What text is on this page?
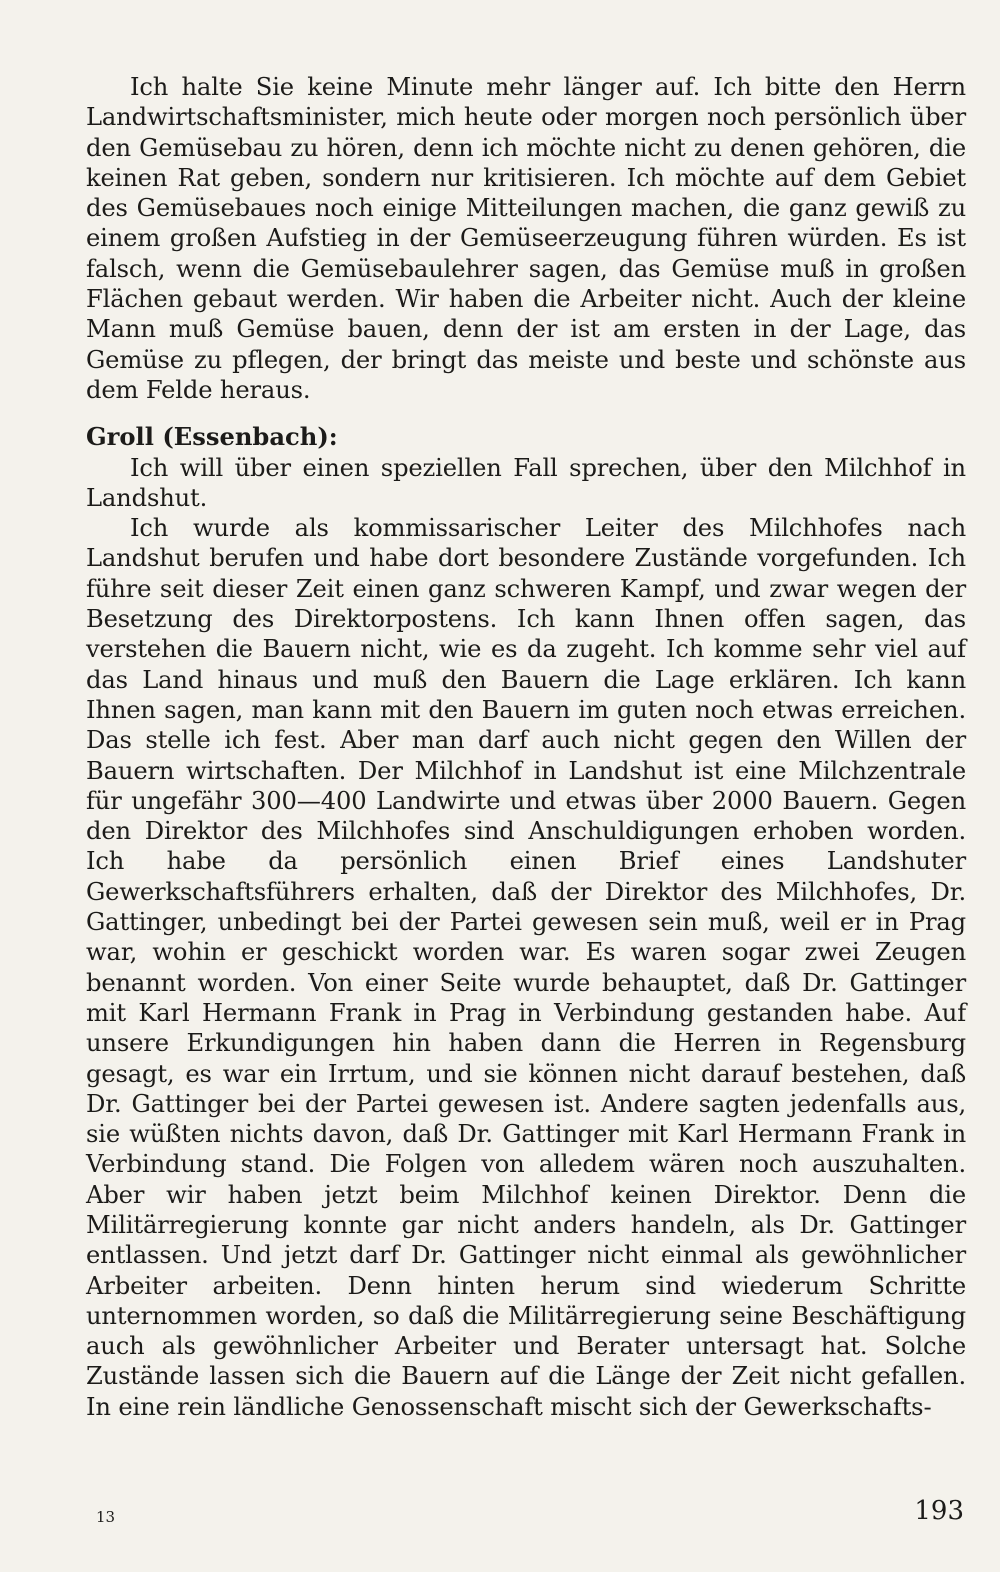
Ich halte Sie keine Minute mehr länger auf. Ich bitte den Herrn Landwirtschaftsminister, mich heute oder morgen noch persönlich über den Gemüsebau zu hören, denn ich möchte nicht zu denen gehören, die keinen Rat geben, sondern nur kritisieren. Ich möchte auf dem Gebiet des Gemüsebaues noch einige Mitteilungen machen, die ganz gewiß zu einem großen Aufstieg in der Gemüseerzeugung führen würden. Es ist falsch, wenn die Gemüsebaulehrer sagen, das Gemüse muß in großen Flächen gebaut werden. Wir haben die Arbeiter nicht. Auch der kleine Mann muß Gemüse bauen, denn der ist am ersten in der Lage, das Gemüse zu pflegen, der bringt das meiste und beste und schönste aus dem Felde heraus.

Groll (Essenbach):

Ich will über einen speziellen Fall sprechen, über den Milchhof in Landshut.

Ich wurde als kommissarischer Leiter des Milchhofes nach Landshut berufen und habe dort besondere Zustände vorgefunden. Ich führe seit dieser Zeit einen ganz schweren Kampf, und zwar wegen der Besetzung des Direktorpostens. Ich kann Ihnen offen sagen, das verstehen die Bauern nicht, wie es da zugeht. Ich komme sehr viel auf das Land hinaus und muß den Bauern die Lage erklären. Ich kann Ihnen sagen, man kann mit den Bauern im guten noch etwas erreichen. Das stelle ich fest. Aber man darf auch nicht gegen den Willen der Bauern wirtschaften. Der Milchhof in Landshut ist eine Milchzentrale für ungefähr 300—400 Landwirte und etwas über 2000 Bauern. Gegen den Direktor des Milchhofes sind Anschuldigungen erhoben worden. Ich habe da persönlich einen Brief eines Landshuter Gewerkschaftsführers erhalten, daß der Direktor des Milchhofes, Dr. Gattinger, unbedingt bei der Partei gewesen sein muß, weil er in Prag war, wohin er geschickt worden war. Es waren sogar zwei Zeugen benannt worden. Von einer Seite wurde behauptet, daß Dr. Gattinger mit Karl Hermann Frank in Prag in Verbindung gestanden habe. Auf unsere Erkundigungen hin haben dann die Herren in Regensburg gesagt, es war ein Irrtum, und sie können nicht darauf bestehen, daß Dr. Gattinger bei der Partei gewesen ist. Andere sagten jedenfalls aus, sie wüßten nichts davon, daß Dr. Gattinger mit Karl Hermann Frank in Verbindung stand. Die Folgen von alledem wären noch auszuhalten. Aber wir haben jetzt beim Milchhof keinen Direktor. Denn die Militärregierung konnte gar nicht anders handeln, als Dr. Gattinger entlassen. Und jetzt darf Dr. Gattinger nicht einmal als gewöhnlicher Arbeiter arbeiten. Denn hinten herum sind wiederum Schritte unternommen worden, so daß die Militärregierung seine Beschäftigung auch als gewöhnlicher Arbeiter und Berater untersagt hat. Solche Zustände lassen sich die Bauern auf die Länge der Zeit nicht gefallen. In eine rein ländliche Genossenschaft mischt sich der Gewerkschafts-

13	193
